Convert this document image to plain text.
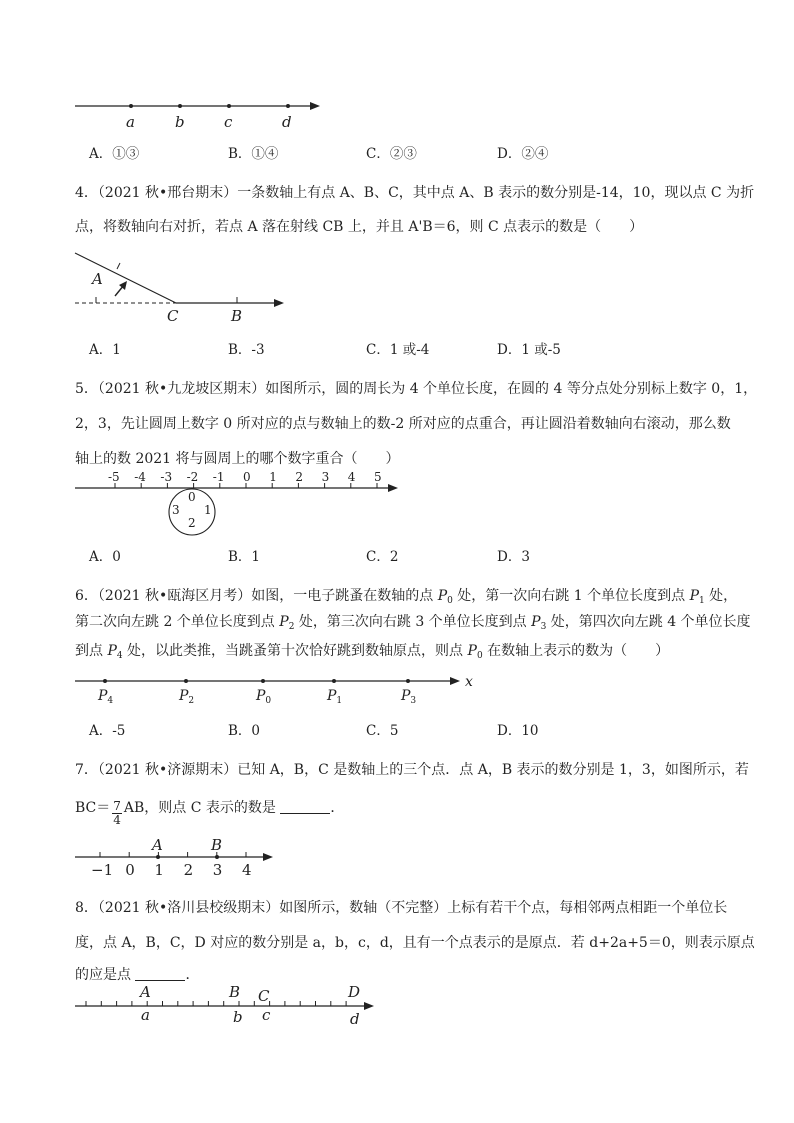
a	b	c	d
A．①③	B．①④	C．②③	D．②④
4．（2021 秋•邢台期末）一条数轴上有点 A、B、C，其中点 A、B 表示的数分别是-14，10，现以点 C 为折
点，将数轴向右对折，若点 A 落在射线 CB 上，并且 A'B＝6，则 C 点表示的数是（　　）
A
C	B
A．1	B．-3	C．1 或-4	D．1 或-5
5．（2021 秋•九龙坡区期末）如图所示，圆的周长为 4 个单位长度，在圆的 4 等分点处分别标上数字 0，1，
2，3，先让圆周上数字 0 所对应的点与数轴上的数-2 所对应的点重合，再让圆沿着数轴向右滚动，那么数
轴上的数 2021 将与圆周上的哪个数字重合（　　）
-5 -4 -3 -2 -1 0 1 2 3 4 5
0
3 1
2
A．0	B．1	C．2	D．3
6．（2021 秋•瓯海区月考）如图，一电子跳蚤在数轴的点 $P_0$ 处，第一次向右跳 1 个单位长度到点 $P_1$ 处，
第二次向左跳 2 个单位长度到点 $P_2$ 处，第三次向右跳 3 个单位长度到点 $P_3$ 处，第四次向左跳 4 个单位长度
到点 $P_4$ 处，以此类推，当跳蚤第十次恰好跳到数轴原点，则点 $P_0$ 在数轴上表示的数为（　　）
x
$P_4$	$P_2$	$P_0$	$P_1$	$P_3$
A．-5	B．0	C．5	D．10
7．（2021 秋•济源期末）已知 A，B，C 是数轴上的三个点．点 A，B 表示的数分别是 1，3，如图所示，若
$BC= \frac{7}{4}$ AB，则点 C 表示的数是	．
−1 0 1 2 3 4
A	B
8．（2021 秋•洛川县校级期末）如图所示，数轴（不完整）上标有若干个点，每相邻两点相距一个单位长
度，点 A，B，C，D 对应的数分别是 a，b，c，d，且有一个点表示的是原点．若 d+2a+5＝0，则表示原点
的应是点	．
A	B C	D
a	b c	d
